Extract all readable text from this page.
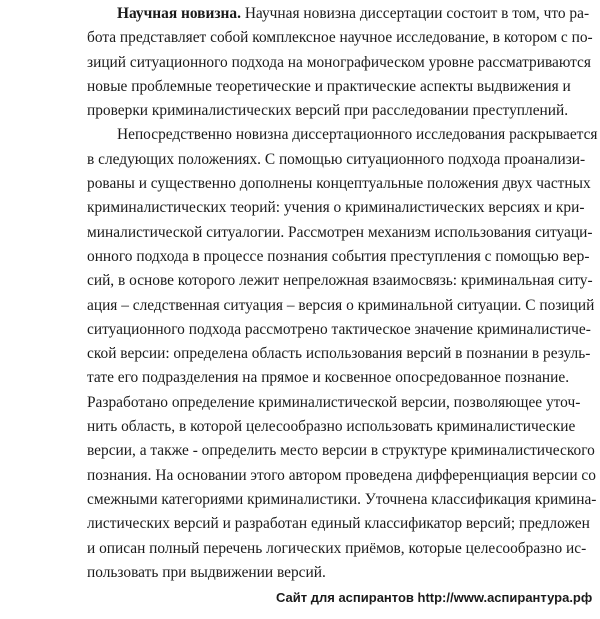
Научная новизна. Научная новизна диссертации состоит в том, что ра-
бота представляет собой комплексное научное исследование, в котором с по-
зиций ситуационного подхода на монографическом уровне рассматриваются
новые проблемные теоретические и практические аспекты выдвижения и
проверки криминалистических версий при расследовании преступлений.
Непосредственно новизна диссертационного исследования раскрывается
в следующих положениях. С помощью ситуационного подхода проанализи-
рованы и существенно дополнены концептуальные положения двух частных
криминалистических теорий: учения о криминалистических версиях и кри-
миналистической ситуалогии. Рассмотрен механизм использования ситуаци-
онного подхода в процессе познания события преступления с помощью вер-
сий, в основе которого лежит непреложная взаимосвязь: криминальная ситу-
ация – следственная ситуация – версия о криминальной ситуации. С позиций
ситуационного подхода рассмотрено тактическое значение криминалистиче-
ской версии: определена область использования версий в познании в резуль-
тате его подразделения на прямое и косвенное опосредованное познание.
Разработано определение криминалистической версии, позволяющее уточ-
нить область, в которой целесообразно использовать криминалистические
версии, а также - определить место версии в структуре криминалистического
познания. На основании этого автором проведена дифференциация версии со
смежными категориями криминалистики. Уточнена классификация кримина-
листических версий и разработан единый классификатор версий; предложен
и описан полный перечень логических приёмов, которые целесообразно ис-
пользовать при выдвижении версий.
Сайт для аспирантов http://www.аспирантура.рф
